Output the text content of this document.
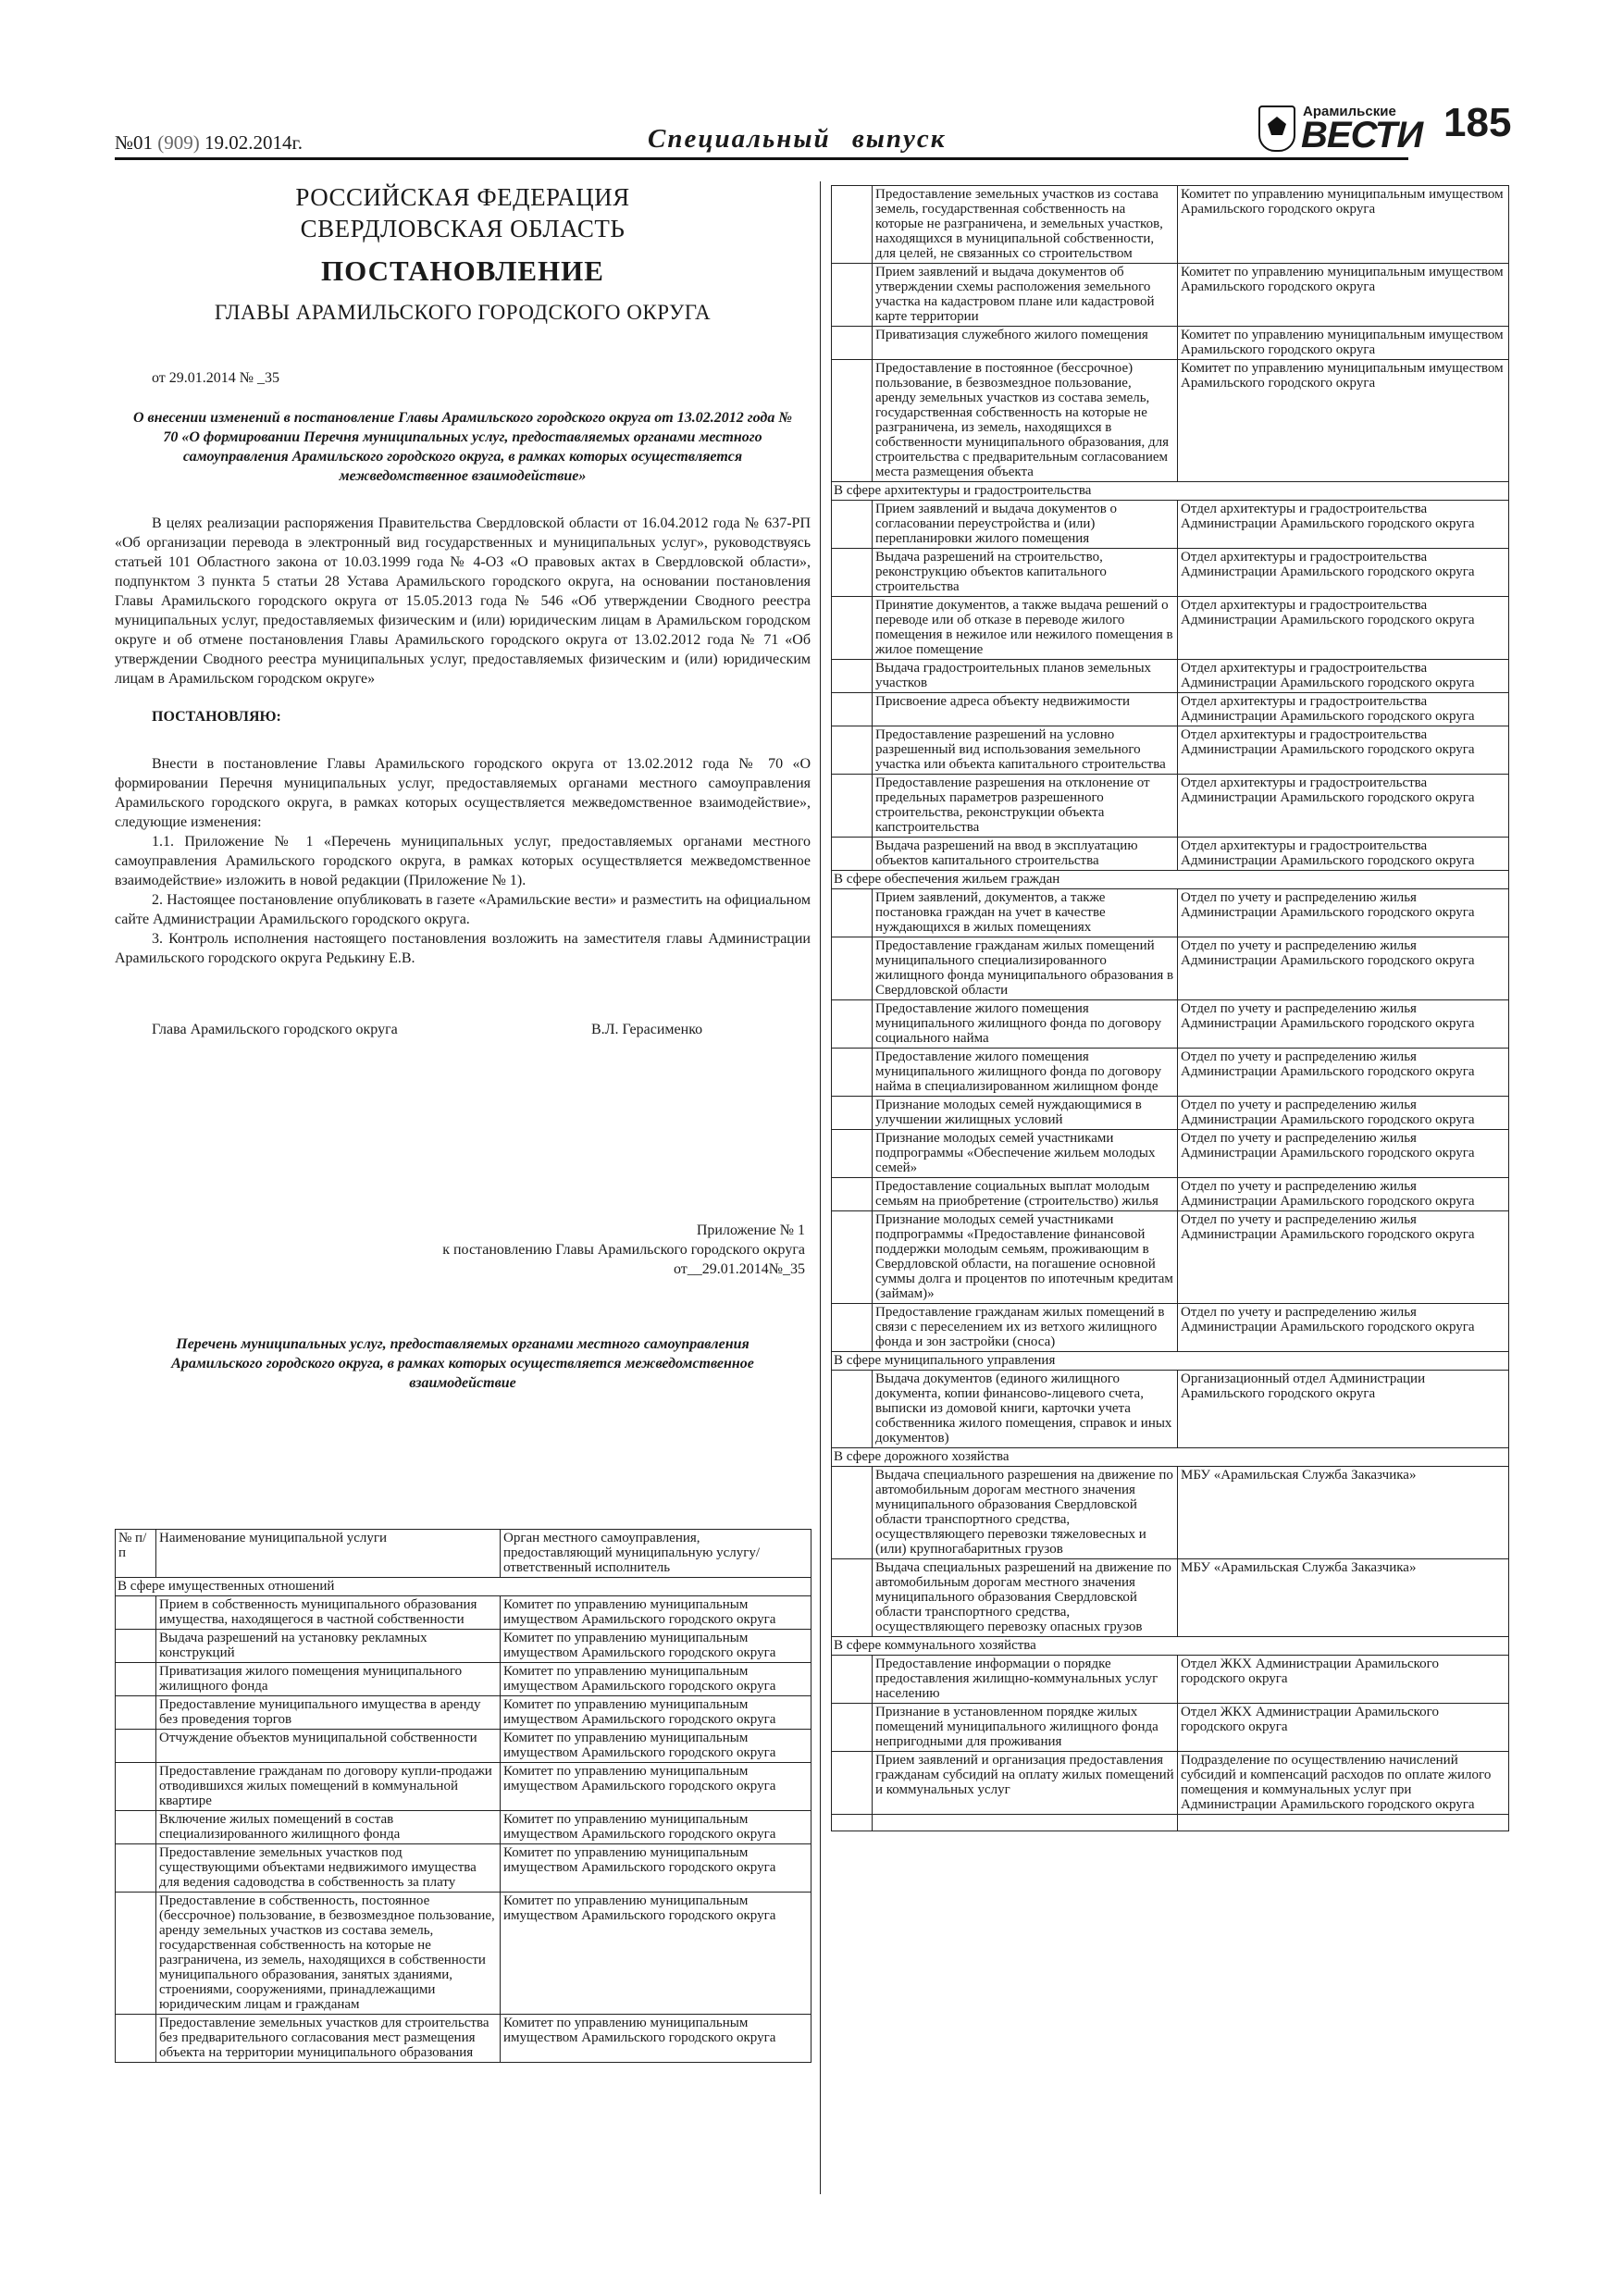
№01 (909) 19.02.2014г.	Специальный выпуск
Арамильские
ВЕСТИ 185
РОССИЙСКАЯ ФЕДЕРАЦИЯ
СВЕРДЛОВСКАЯ ОБЛАСТЬ
ПОСТАНОВЛЕНИЕ
ГЛАВЫ АРАМИЛЬСКОГО ГОРОДСКОГО ОКРУГА
от 29.01.2014 № _35
О внесении изменений в постановление Главы Арамильского городского округа от 13.02.2012 года № 70 «О формировании Перечня муниципальных услуг, предоставляемых органами местного самоуправления Арамильского городского округа, в рамках которых осуществляется межведомственное взаимодействие»
В целях реализации распоряжения Правительства Свердловской области от 16.04.2012 года № 637-РП «Об организации перевода в электронный вид государственных и муниципальных услуг», руководствуясь статьей 101 Областного закона от 10.03.1999 года № 4-ОЗ «О правовых актах в Свердловской области», подпунктом 3 пункта 5 статьи 28 Устава Арамильского городского округа, на основании постановления Главы Арамильского городского округа от 15.05.2013 года № 546 «Об утверждении Сводного реестра муниципальных услуг, предоставляемых физическим и (или) юридическим лицам в Арамильском городском округе и об отмене постановления Главы Арамильского городского округа от 13.02.2012 года № 71 «Об утверждении Сводного реестра муниципальных услуг, предоставляемых физическим и (или) юридическим лицам в Арамильском городском округе»
ПОСТАНОВЛЯЮ:
Внести в постановление Главы Арамильского городского округа от 13.02.2012 года № 70 «О формировании Перечня муниципальных услуг, предоставляемых органами местного самоуправления Арамильского городского округа, в рамках которых осуществляется межведомственное взаимодействие», следующие изменения:
1.1. Приложение № 1 «Перечень муниципальных услуг, предоставляемых органами местного самоуправления Арамильского городского округа, в рамках которых осуществляется межведомственное взаимодействие» изложить в новой редакции (Приложение № 1).
2. Настоящее постановление опубликовать в газете «Арамильские вести» и разместить на официальном сайте Администрации Арамильского городского округа.
3. Контроль исполнения настоящего постановления возложить на заместителя главы Администрации Арамильского городского округа Редькину Е.В.
Глава Арамильского городского округа	В.Л. Герасименко
Приложение № 1
к постановлению Главы Арамильского городского округа
от__29.01.2014№_35
Перечень муниципальных услуг, предоставляемых органами местного самоуправления Арамильского городского округа, в рамках которых осуществляется межведомственное взаимодействие
№ п/п	Наименование муниципальной услуги	Орган местного самоуправления, предоставляющий муниципальную услугу/ ответственный исполнитель
В сфере имущественных отношений		
	Прием в собственность муниципального образования имущества, находящегося в частной собственности	Комитет по управлению муниципальным имуществом Арамильского городского округа
	Выдача разрешений на установку рекламных конструкций	Комитет по управлению муниципальным имуществом Арамильского городского округа
	Приватизация жилого помещения муниципального жилищного фонда	Комитет по управлению муниципальным имуществом Арамильского городского округа
	Предоставление муниципального имущества в аренду без проведения торгов	Комитет по управлению муниципальным имуществом Арамильского городского округа
	Отчуждение объектов муниципальной собственности	Комитет по управлению муниципальным имуществом Арамильского городского округа
	Предоставление гражданам по договору купли-продажи отводившихся жилых помещений в коммунальной квартире	Комитет по управлению муниципальным имуществом Арамильского городского округа
	Включение жилых помещений в состав специализированного жилищного фонда	Комитет по управлению муниципальным имуществом Арамильского городского округа
	Предоставление земельных участков под существующими объектами недвижимого имущества для ведения садоводства в собственность за плату	Комитет по управлению муниципальным имуществом Арамильского городского округа
	Предоставление в собственность, постоянное (бессрочное) пользование, в безвозмездное пользование, аренду земельных участков из состава земель, государственная собственность на которые не разграничена, из земель, находящихся в собственности муниципального образования, занятых зданиями, строениями, сооружениями, принадлежащими юридическим лицам и гражданам	Комитет по управлению муниципальным имуществом Арамильского городского округа
	Предоставление земельных участков для строительства без предварительного согласования мест размещения объекта на территории муниципального образования	Комитет по управлению муниципальным имуществом Арамильского городского округа
	Предоставление земельных участков из состава земель, государственная собственность на которые не разграничена, и земельных участков, находящихся в муниципальной собственности, для целей, не связанных со строительством	Комитет по управлению муниципальным имуществом Арамильского городского округа
	Прием заявлений и выдача документов об утверждении схемы расположения земельного участка на кадастровом плане или кадастровой карте территории	Комитет по управлению муниципальным имуществом Арамильского городского округа
	Приватизация служебного жилого помещения	Комитет по управлению муниципальным имуществом Арамильского городского округа
	Предоставление в постоянное (бессрочное) пользование, в безвозмездное пользование, аренду земельных участков из состава земель, государственная собственность на которые не разграничена, из земель, находящихся в собственности муниципального образования, для строительства с предварительным согласованием места размещения объекта	Комитет по управлению муниципальным имуществом Арамильского городского округа
В сфере архитектуры и градостроительства		
	Прием заявлений и выдача документов о согласовании переустройства и (или) перепланировки жилого помещения	Отдел архитектуры и градостроительства Администрации Арамильского городского округа
	Выдача разрешений на строительство, реконструкцию объектов капитального строительства	Отдел архитектуры и градостроительства Администрации Арамильского городского округа
	Принятие документов, а также выдача решений о переводе или об отказе в переводе жилого помещения в нежилое или нежилого помещения в жилое помещение	Отдел архитектуры и градостроительства Администрации Арамильского городского округа
	Выдача градостроительных планов земельных участков	Отдел архитектуры и градостроительства Администрации Арамильского городского округа
	Присвоение адреса объекту недвижимости	Отдел архитектуры и градостроительства Администрации Арамильского городского округа
	Предоставление разрешений на условно разрешенный вид использования земельного участка или объекта капитального строительства	Отдел архитектуры и градостроительства Администрации Арамильского городского округа
	Предоставление разрешения на отклонение от предельных параметров разрешенного строительства, реконструкции объекта капстроительства	Отдел архитектуры и градостроительства Администрации Арамильского городского округа
	Выдача разрешений на ввод в эксплуатацию объектов капитального строительства	Отдел архитектуры и градостроительства Администрации Арамильского городского округа
В сфере обеспечения жильем граждан		
	Прием заявлений, документов, а также постановка граждан на учет в качестве нуждающихся в жилых помещениях	Отдел по учету и распределению жилья Администрации Арамильского городского округа
	Предоставление гражданам жилых помещений муниципального специализированного жилищного фонда муниципального образования в Свердловской области	Отдел по учету и распределению жилья Администрации Арамильского городского округа
	Предоставление жилого помещения муниципального жилищного фонда по договору социального найма	Отдел по учету и распределению жилья Администрации Арамильского городского округа
	Предоставление жилого помещения муниципального жилищного фонда по договору найма в специализированном жилищном фонде	Отдел по учету и распределению жилья Администрации Арамильского городского округа
	Признание молодых семей нуждающимися в улучшении жилищных условий	Отдел по учету и распределению жилья Администрации Арамильского городского округа
	Признание молодых семей участниками подпрограммы «Обеспечение жильем молодых семей»	Отдел по учету и распределению жилья Администрации Арамильского городского округа
	Предоставление социальных выплат молодым семьям на приобретение (строительство) жилья	Отдел по учету и распределению жилья Администрации Арамильского городского округа
	Признание молодых семей участниками подпрограммы «Предоставление финансовой поддержки молодым семьям, проживающим в Свердловской области, на погашение основной суммы долга и процентов по ипотечным кредитам (займам)»	Отдел по учету и распределению жилья Администрации Арамильского городского округа
	Предоставление гражданам жилых помещений в связи с переселением их из ветхого жилищного фонда и зон застройки (сноса)	Отдел по учету и распределению жилья Администрации Арамильского городского округа
В сфере муниципального управления		
	Выдача документов (единого жилищного документа, копии финансово-лицевого счета, выписки из домовой книги, карточки учета собственника жилого помещения, справок и иных документов)	Организационный отдел Администрации Арамильского городского округа
В сфере дорожного хозяйства		
	Выдача специального разрешения на движение по автомобильным дорогам местного значения муниципального образования Свердловской области транспортного средства, осуществляющего перевозки тяжеловесных и (или) крупногабаритных грузов	МБУ «Арамильская Служба Заказчика»
	Выдача специальных разрешений на движение по автомобильным дорогам местного значения муниципального образования Свердловской области транспортного средства, осуществляющего перевозку опасных грузов	МБУ «Арамильская Служба Заказчика»
В сфере коммунального хозяйства		
	Предоставление информации о порядке предоставления жилищно-коммунальных услуг населению	Отдел ЖКХ Администрации Арамильского городского округа
	Признание в установленном порядке жилых помещений муниципального жилищного фонда непригодными для проживания	Отдел ЖКХ Администрации Арамильского городского округа
	Прием заявлений и организация предоставления гражданам субсидий на оплату жилых помещений и коммунальных услуг	Подразделение по осуществлению начислений субсидий и компенсаций расходов по оплате жилого помещения и коммунальных услуг при Администрации Арамильского городского округа
